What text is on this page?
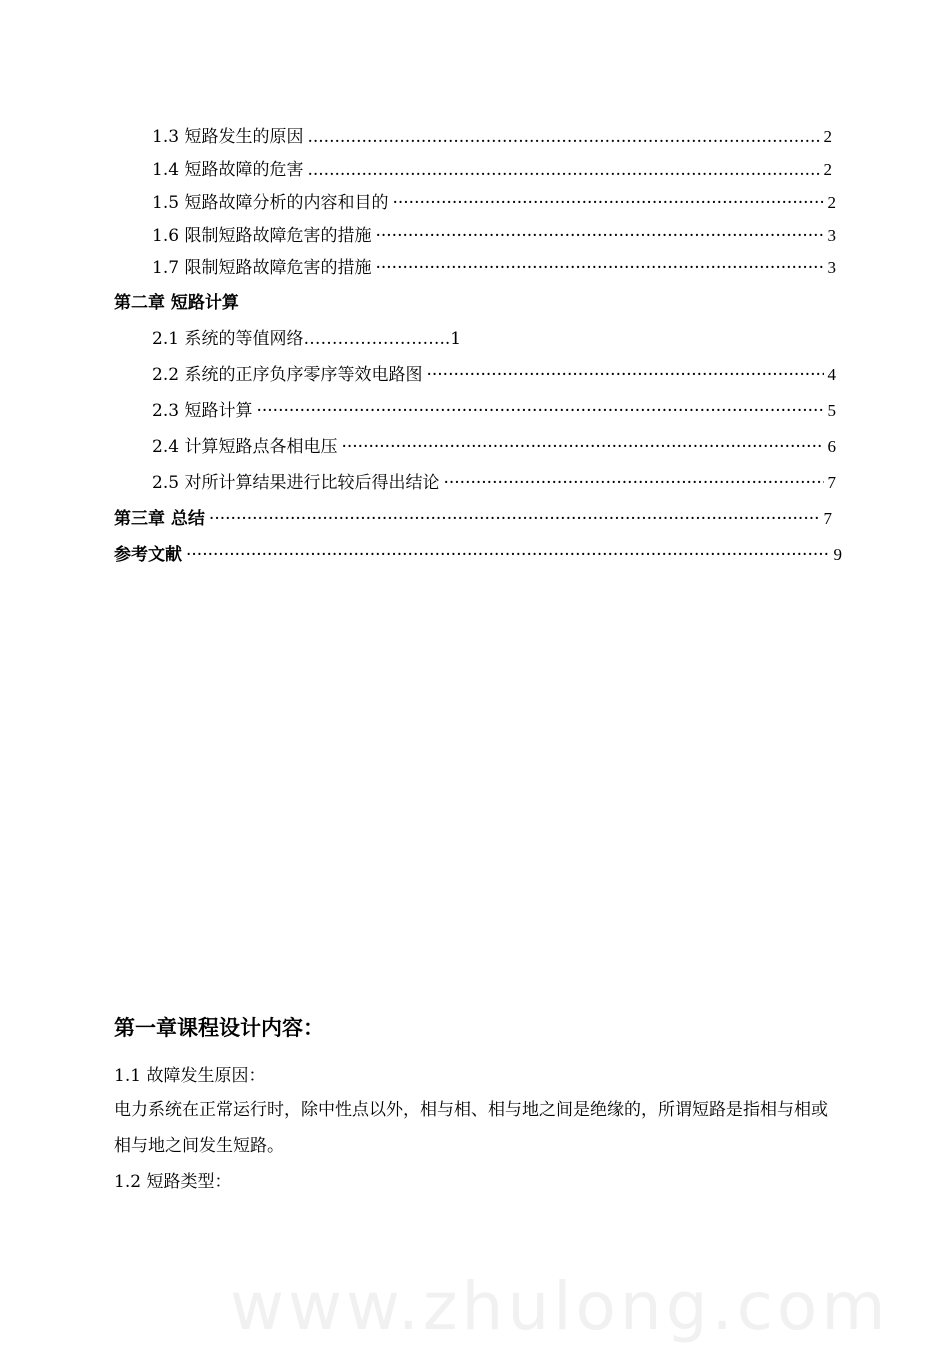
1.3 短路发生的原因 .....	2
1.4 短路故障的危害 .....	2
1.5 短路故障分析的内容和目的 ·····	2
1.6 限制短路故障危害的措施 ·····	3
1.7 限制短路故障危害的措施 ·····	3
第二章 短路计算
2.1 系统的等值网络……………………..1
2.2 系统的正序负序零序等效电路图 ·····	4
2.3 短路计算 ·····	5
2.4 计算短路点各相电压 ·····	6
2.5 对所计算结果进行比较后得出结论 ·····	7
第三章 总结 ·····	7
参考文献 ·····	9
第一章课程设计内容：
1.1 故障发生原因：
电力系统在正常运行时，除中性点以外，相与相、相与地之间是绝缘的，所谓短路是指相与相或相与地之间发生短路。
1.2 短路类型：
www.zhulong.com
